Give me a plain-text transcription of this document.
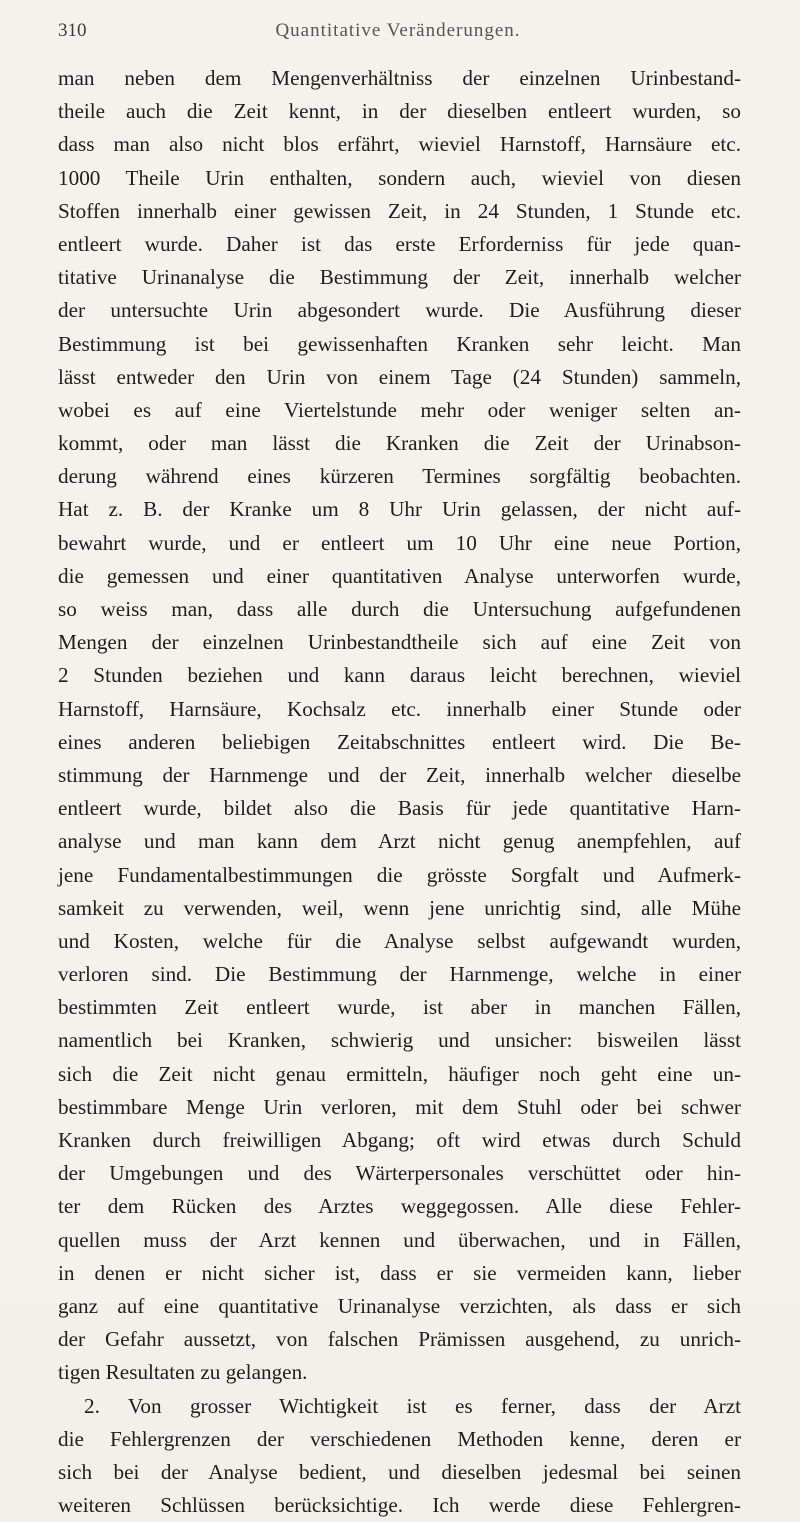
310	Quantitative Veränderungen.
man neben dem Mengenverhältniss der einzelnen Urinbestand-
theile auch die Zeit kennt, in der dieselben entleert wurden, so
dass man also nicht blos erfährt, wieviel Harnstoff, Harnsäure etc.
1000 Theile Urin enthalten, sondern auch, wieviel von diesen
Stoffen innerhalb einer gewissen Zeit, in 24 Stunden, 1 Stunde etc.
entleert wurde. Daher ist das erste Erforderniss für jede quan-
titative Urinanalyse die Bestimmung der Zeit, innerhalb welcher
der untersuchte Urin abgesondert wurde. Die Ausführung dieser
Bestimmung ist bei gewissenhaften Kranken sehr leicht. Man
lässt entweder den Urin von einem Tage (24 Stunden) sammeln,
wobei es auf eine Viertelstunde mehr oder weniger selten an-
kommt, oder man lässt die Kranken die Zeit der Urinabson-
derung während eines kürzeren Termines sorgfältig beobachten.
Hat z. B. der Kranke um 8 Uhr Urin gelassen, der nicht auf-
bewahrt wurde, und er entleert um 10 Uhr eine neue Portion,
die gemessen und einer quantitativen Analyse unterworfen wurde,
so weiss man, dass alle durch die Untersuchung aufgefundenen
Mengen der einzelnen Urinbestandtheile sich auf eine Zeit von
2 Stunden beziehen und kann daraus leicht berechnen, wieviel
Harnstoff, Harnsäure, Kochsalz etc. innerhalb einer Stunde oder
eines anderen beliebigen Zeitabschnittes entleert wird. Die Be-
stimmung der Harnmenge und der Zeit, innerhalb welcher dieselbe
entleert wurde, bildet also die Basis für jede quantitative Harn-
analyse und man kann dem Arzt nicht genug anempfehlen, auf
jene Fundamentalbestimmungen die grösste Sorgfalt und Aufmerk-
samkeit zu verwenden, weil, wenn jene unrichtig sind, alle Mühe
und Kosten, welche für die Analyse selbst aufgewandt wurden,
verloren sind. Die Bestimmung der Harnmenge, welche in einer
bestimmten Zeit entleert wurde, ist aber in manchen Fällen,
namentlich bei Kranken, schwierig und unsicher: bisweilen lässt
sich die Zeit nicht genau ermitteln, häufiger noch geht eine un-
bestimmbare Menge Urin verloren, mit dem Stuhl oder bei schwer
Kranken durch freiwilligen Abgang; oft wird etwas durch Schuld
der Umgebungen und des Wärterpersonales verschüttet oder hin-
ter dem Rücken des Arztes weggegossen. Alle diese Fehler-
quellen muss der Arzt kennen und überwachen, und in Fällen,
in denen er nicht sicher ist, dass er sie vermeiden kann, lieber
ganz auf eine quantitative Urinanalyse verzichten, als dass er sich
der Gefahr aussetzt, von falschen Prämissen ausgehend, zu unrich-
tigen Resultaten zu gelangen.
2. Von grosser Wichtigkeit ist es ferner, dass der Arzt
die Fehlergrenzen der verschiedenen Methoden kenne, deren er
sich bei der Analyse bedient, und dieselben jedesmal bei seinen
weiteren Schlüssen berücksichtige. Ich werde diese Fehlergren-
